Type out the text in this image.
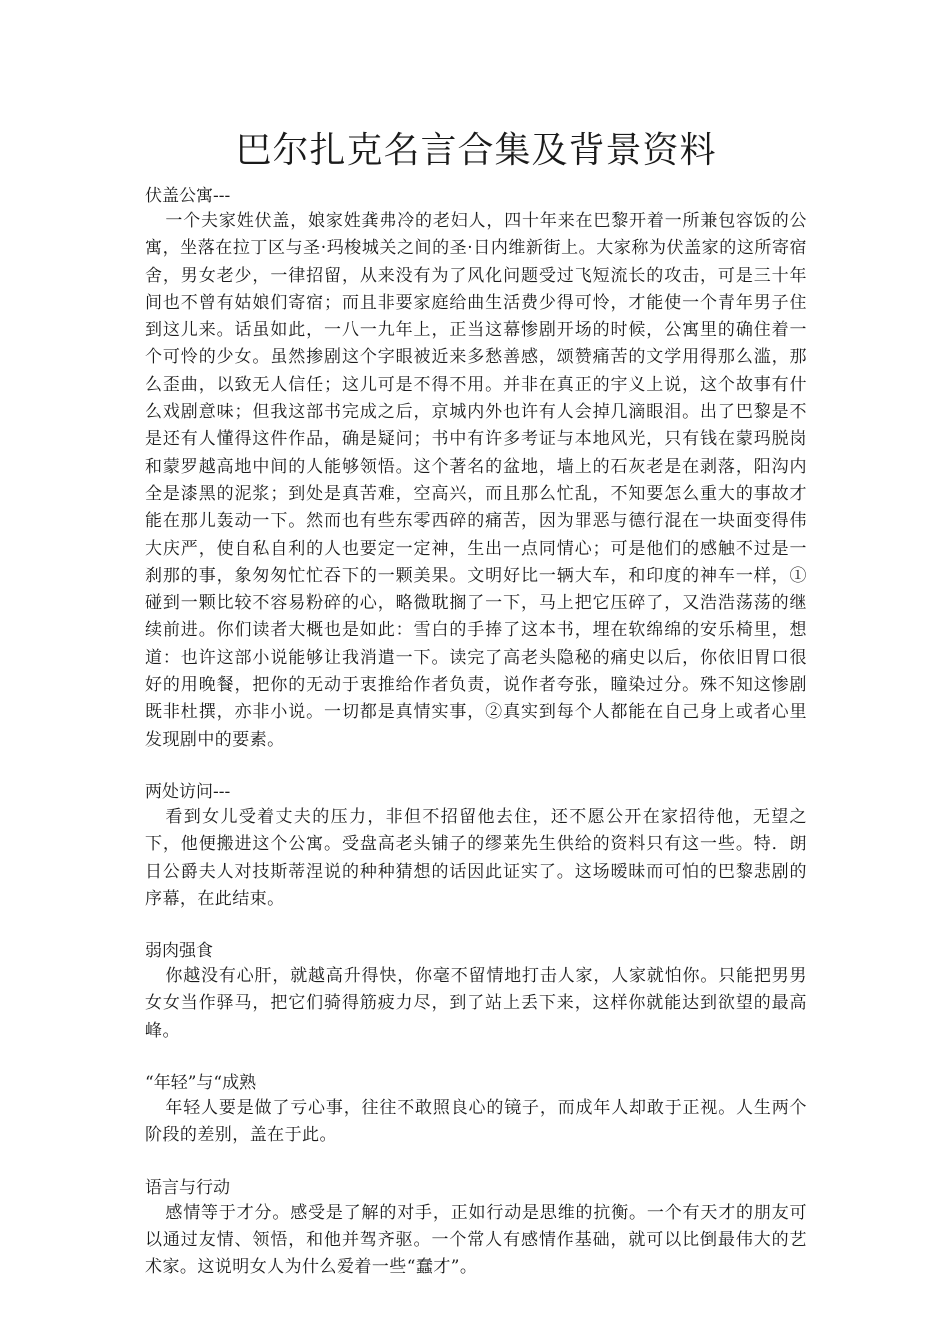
巴尔扎克名言合集及背景资料
伏盖公寓---

一个夫家姓伏盖，娘家姓龚弗冷的老妇人，四十年来在巴黎开着一所兼包容饭的公寓，坐落在拉丁区与圣·玛梭城关之间的圣·日内维新街上。大家称为伏盖家的这所寄宿舍，男女老少，一律招留，从来没有为了风化问题受过飞短流长的攻击，可是三十年间也不曾有姑娘们寄宿；而且非要家庭给曲生活费少得可怜，才能使一个青年男子住到这儿来。话虽如此，一八一九年上，正当这幕惨剧开场的时候，公寓里的确住着一个可怜的少女。虽然掺剧这个字眼被近来多愁善感，颂赞痛苦的文学用得那么滥，那么歪曲，以致无人信任；这儿可是不得不用。并非在真正的宇义上说，这个故事有什么戏剧意味；但我这部书完成之后，京城内外也许有人会掉几滴眼泪。出了巴黎是不是还有人懂得这件作品，确是疑问；书中有许多考证与本地风光，只有钱在蒙玛脱岗和蒙罗越高地中间的人能够领悟。这个著名的盆地，墙上的石灰老是在剥落，阳沟内全是漆黑的泥浆；到处是真苦难，空高兴，而且那么忙乱，不知要怎么重大的事故才能在那儿轰动一下。然而也有些东零西碎的痛苦，因为罪恶与德行混在一块面变得伟大庆严，使自私自利的人也要定一定神，生出一点同情心；可是他们的感触不过是一刹那的事，象匆匆忙忙吞下的一颗美果。文明好比一辆大车，和印度的神车一样，①碰到一颗比较不容易粉碎的心，略微耽搁了一下，马上把它压碎了，又浩浩荡荡的继续前进。你们读者大概也是如此：雪白的手捧了这本书，埋在软绵绵的安乐椅里，想道：也许这部小说能够让我消遣一下。读完了高老头隐秘的痛史以后，你依旧胃口很好的用晚餐，把你的无动于衷推给作者负责，说作者夸张，瞳染过分。殊不知这惨剧既非杜撰，亦非小说。一切都是真情实事，②真实到每个人都能在自己身上或者心里发现剧中的要素。

两处访问---

看到女儿受着丈夫的压力，非但不招留他去住，还不愿公开在家招待他，无望之下，他便搬进这个公寓。受盘高老头铺子的缪莱先生供给的资料只有这一些。特．朗日公爵夫人对技斯蒂涅说的种种猜想的话因此证实了。这场暧昧而可怕的巴黎悲剧的序幕，在此结束。

弱肉强食

你越没有心肝，就越高升得快，你毫不留情地打击人家，人家就怕你。只能把男男女女当作驿马，把它们骑得筋疲力尽，到了站上丢下来，这样你就能达到欲望的最高峰。

“年轻”与“成熟

年轻人要是做了亏心事，往往不敢照良心的镜子，而成年人却敢于正视。人生两个阶段的差别，盖在于此。

语言与行动

感情等于才分。感受是了解的对手，正如行动是思维的抗衡。一个有天才的朋友可以通过友情、领悟，和他并驾齐驱。一个常人有感情作基础，就可以比倒最伟大的艺术家。这说明女人为什么爱着一些“蠢才”。
